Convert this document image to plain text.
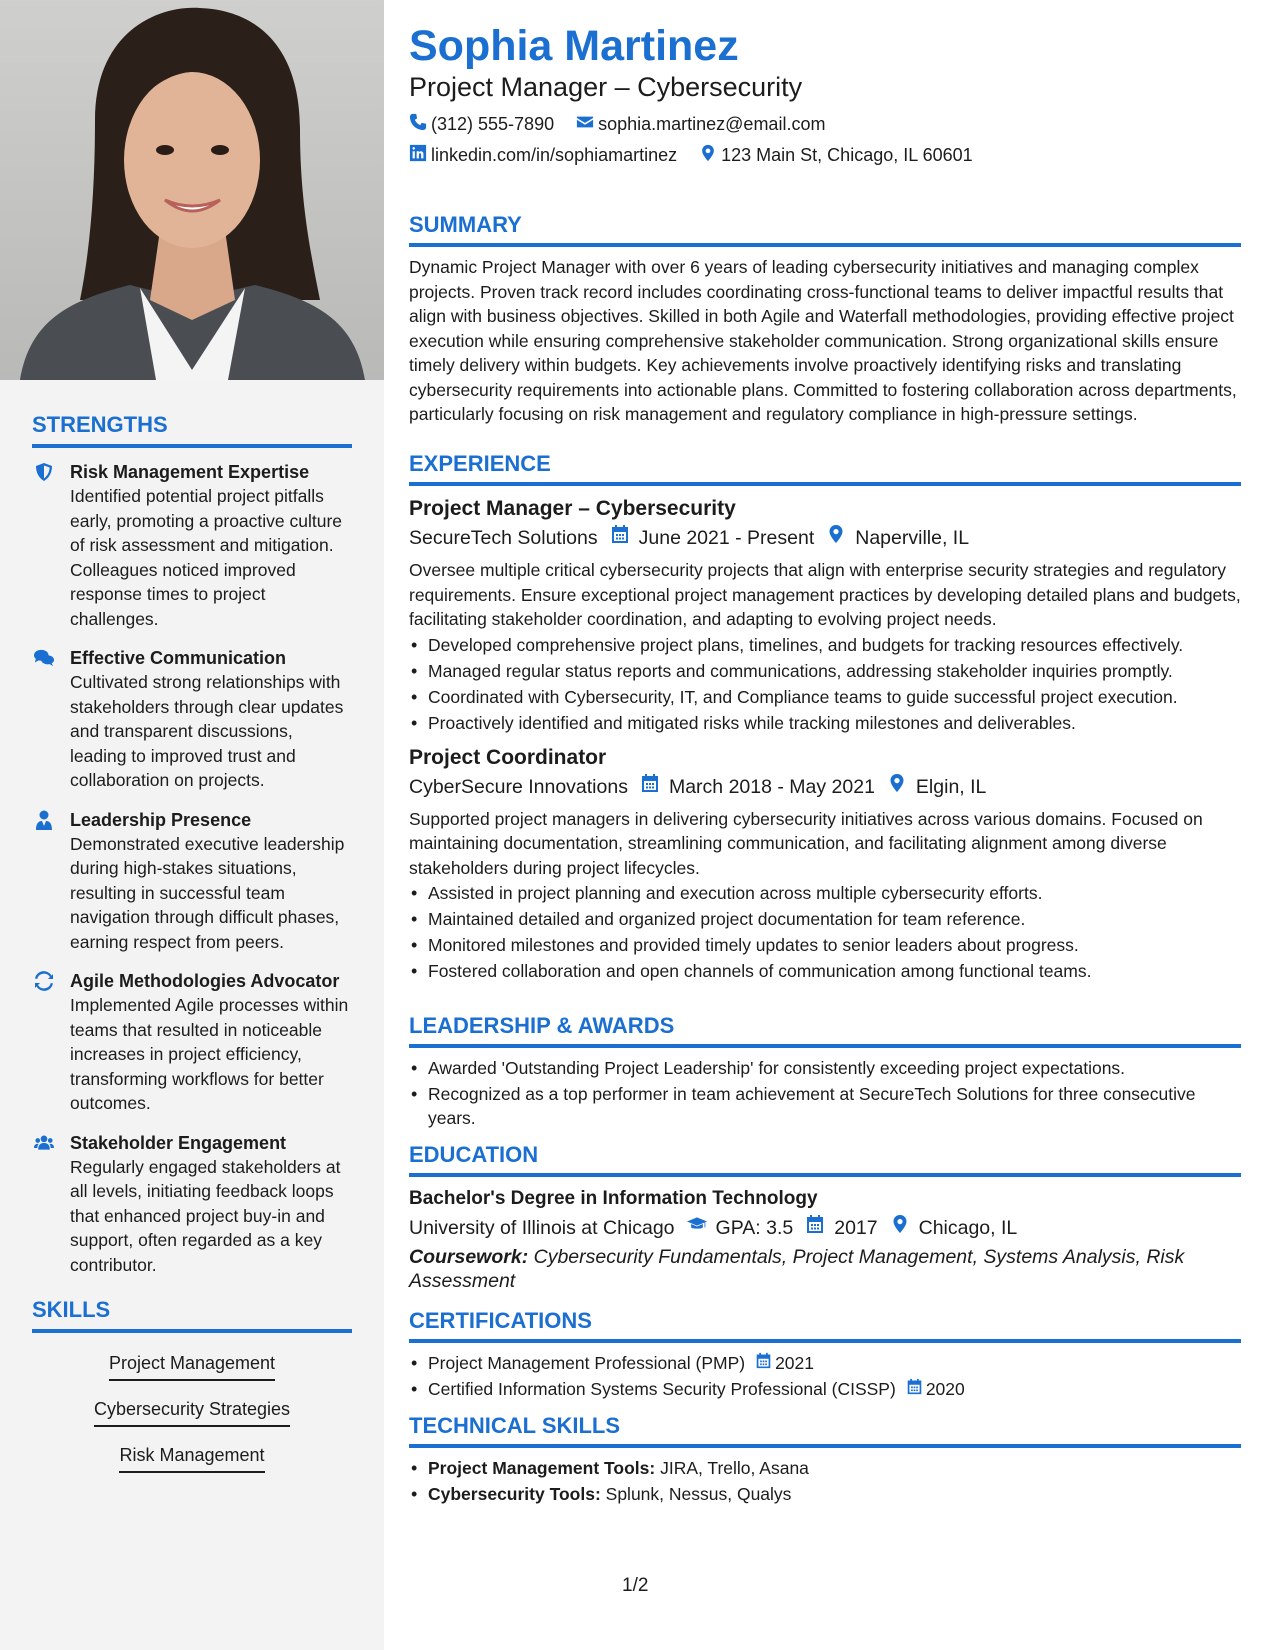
STRENGTHS
Risk Management Expertise
Identified potential project pitfalls early, promoting a proactive culture of risk assessment and mitigation. Colleagues noticed improved response times to project challenges.
Effective Communication
Cultivated strong relationships with stakeholders through clear updates and transparent discussions, leading to improved trust and collaboration on projects.
Leadership Presence
Demonstrated executive leadership during high-stakes situations, resulting in successful team navigation through difficult phases, earning respect from peers.
Agile Methodologies Advocator
Implemented Agile processes within teams that resulted in noticeable increases in project efficiency, transforming workflows for better outcomes.
Stakeholder Engagement
Regularly engaged stakeholders at all levels, initiating feedback loops that enhanced project buy-in and support, often regarded as a key contributor.
SKILLS
Project Management
Cybersecurity Strategies
Risk Management
Sophia Martinez
Project Manager – Cybersecurity
(312) 555-7890 sophia.martinez@email.com
linkedin.com/in/sophiamartinez 123 Main St, Chicago, IL 60601
SUMMARY
Dynamic Project Manager with over 6 years of leading cybersecurity initiatives and managing complex projects. Proven track record includes coordinating cross-functional teams to deliver impactful results that align with business objectives. Skilled in both Agile and Waterfall methodologies, providing effective project execution while ensuring comprehensive stakeholder communication. Strong organizational skills ensure timely delivery within budgets. Key achievements involve proactively identifying risks and translating cybersecurity requirements into actionable plans. Committed to fostering collaboration across departments, particularly focusing on risk management and regulatory compliance in high-pressure settings.
EXPERIENCE
Project Manager – Cybersecurity
SecureTech Solutions June 2021 - Present Naperville, IL
Oversee multiple critical cybersecurity projects that align with enterprise security strategies and regulatory requirements. Ensure exceptional project management practices by developing detailed plans and budgets, facilitating stakeholder coordination, and adapting to evolving project needs.
• Developed comprehensive project plans, timelines, and budgets for tracking resources effectively.
• Managed regular status reports and communications, addressing stakeholder inquiries promptly.
• Coordinated with Cybersecurity, IT, and Compliance teams to guide successful project execution.
• Proactively identified and mitigated risks while tracking milestones and deliverables.
Project Coordinator
CyberSecure Innovations March 2018 - May 2021 Elgin, IL
Supported project managers in delivering cybersecurity initiatives across various domains. Focused on maintaining documentation, streamlining communication, and facilitating alignment among diverse stakeholders during project lifecycles.
• Assisted in project planning and execution across multiple cybersecurity efforts.
• Maintained detailed and organized project documentation for team reference.
• Monitored milestones and provided timely updates to senior leaders about progress.
• Fostered collaboration and open channels of communication among functional teams.
LEADERSHIP & AWARDS
• Awarded 'Outstanding Project Leadership' for consistently exceeding project expectations.
• Recognized as a top performer in team achievement at SecureTech Solutions for three consecutive years.
EDUCATION
Bachelor's Degree in Information Technology
University of Illinois at Chicago GPA: 3.5 2017 Chicago, IL
Coursework: Cybersecurity Fundamentals, Project Management, Systems Analysis, Risk Assessment
CERTIFICATIONS
• Project Management Professional (PMP) 2021
• Certified Information Systems Security Professional (CISSP) 2020
TECHNICAL SKILLS
• Project Management Tools: JIRA, Trello, Asana
• Cybersecurity Tools: Splunk, Nessus, Qualys
1/2
